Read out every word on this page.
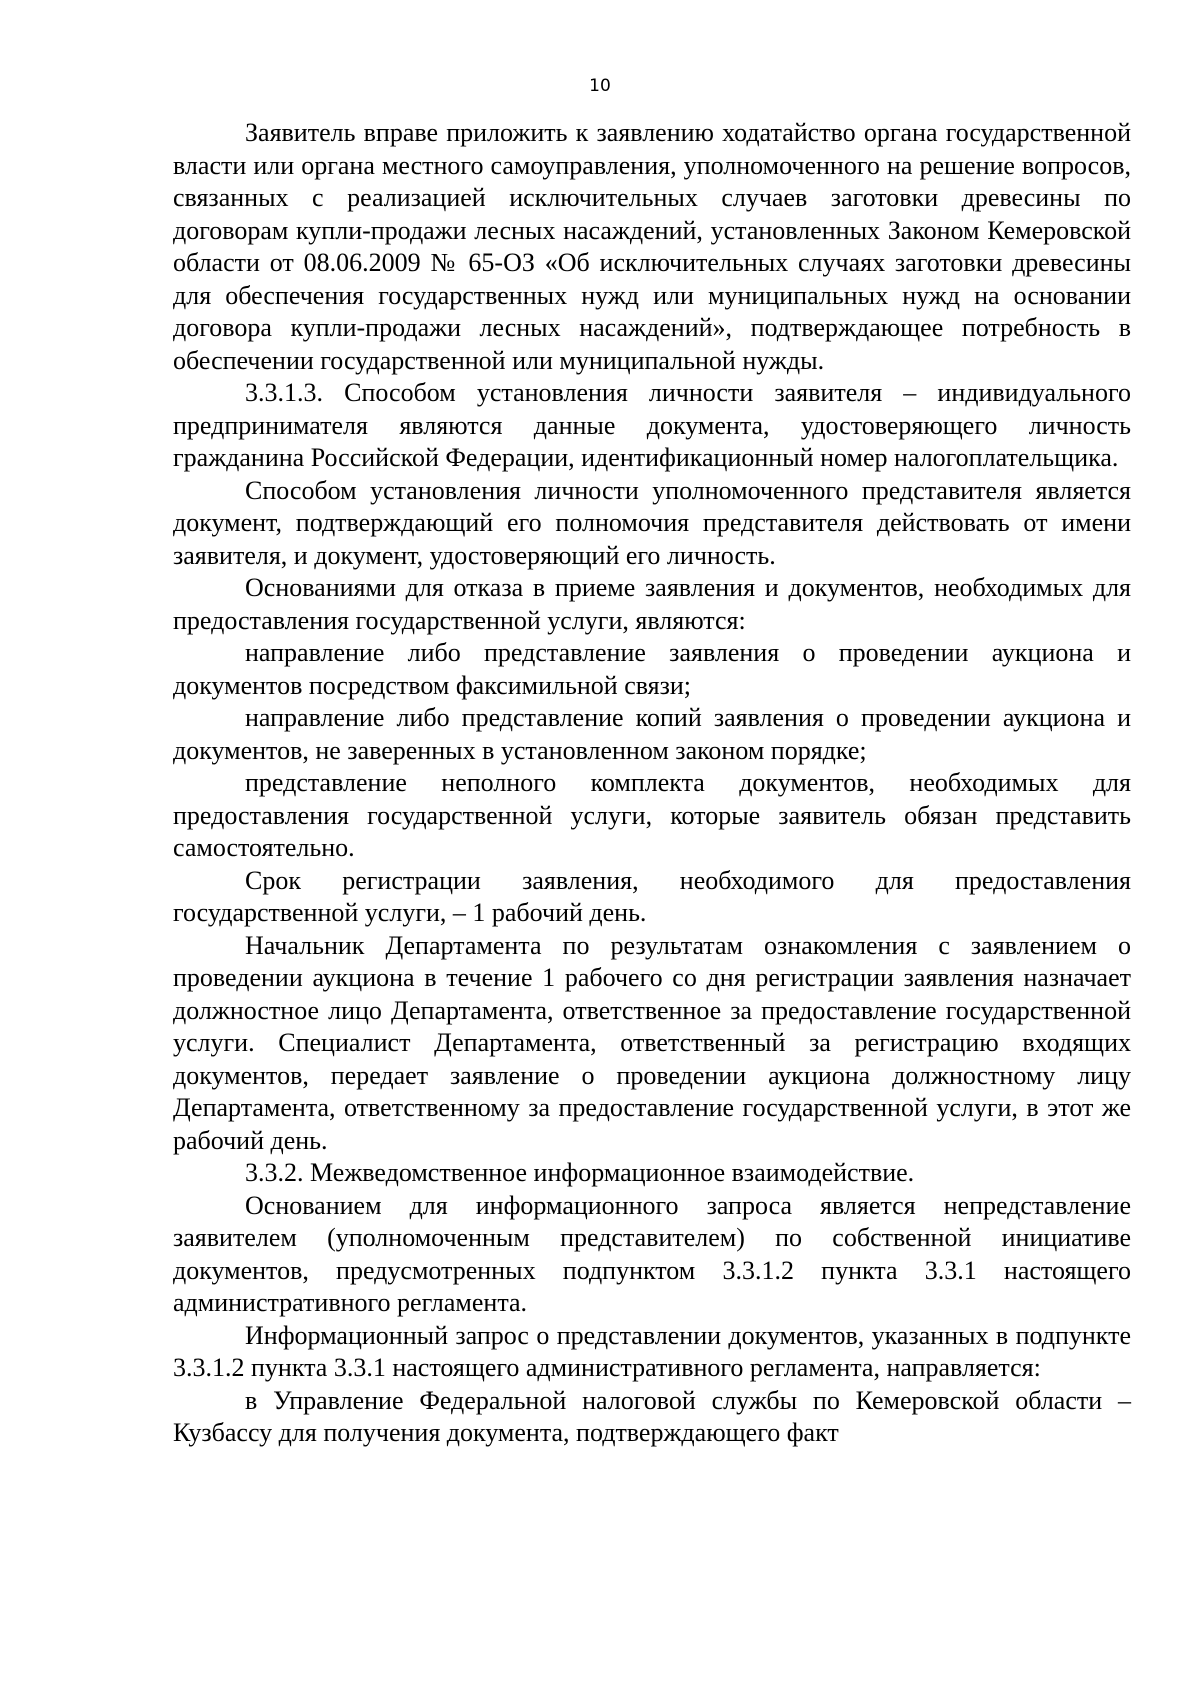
10

Заявитель вправе приложить к заявлению ходатайство органа государственной власти или органа местного самоуправления, уполномоченного на решение вопросов, связанных с реализацией исключительных случаев заготовки древесины по договорам купли-продажи лесных насаждений, установленных Законом Кемеровской области от 08.06.2009 № 65-ОЗ «Об исключительных случаях заготовки древесины для обеспечения государственных нужд или муниципальных нужд на основании договора купли-продажи лесных насаждений», подтверждающее потребность в обеспечении государственной или муниципальной нужды.

3.3.1.3. Способом установления личности заявителя – индивидуального предпринимателя являются данные документа, удостоверяющего личность гражданина Российской Федерации, идентификационный номер налогоплательщика.

Способом установления личности уполномоченного представителя является документ, подтверждающий его полномочия представителя действовать от имени заявителя, и документ, удостоверяющий его личность.

Основаниями для отказа в приеме заявления и документов, необходимых для предоставления государственной услуги, являются:

направление либо представление заявления о проведении аукциона и документов посредством факсимильной связи;

направление либо представление копий заявления о проведении аукциона и документов, не заверенных в установленном законом порядке;

представление неполного комплекта документов, необходимых для предоставления государственной услуги, которые заявитель обязан представить самостоятельно.

Срок регистрации заявления, необходимого для предоставления государственной услуги, – 1 рабочий день.

Начальник Департамента по результатам ознакомления с заявлением о проведении аукциона в течение 1 рабочего со дня регистрации заявления назначает должностное лицо Департамента, ответственное за предоставление государственной услуги. Специалист Департамента, ответственный за регистрацию входящих документов, передает заявление о проведении аукциона должностному лицу Департамента, ответственному за предоставление государственной услуги, в этот же рабочий день.

3.3.2. Межведомственное информационное взаимодействие.

Основанием для информационного запроса является непредставление заявителем (уполномоченным представителем) по собственной инициативе документов, предусмотренных подпунктом 3.3.1.2 пункта 3.3.1 настоящего административного регламента.

Информационный запрос о представлении документов, указанных в подпункте 3.3.1.2 пункта 3.3.1 настоящего административного регламента, направляется:

в Управление Федеральной налоговой службы по Кемеровской области – Кузбассу для получения документа, подтверждающего факт
